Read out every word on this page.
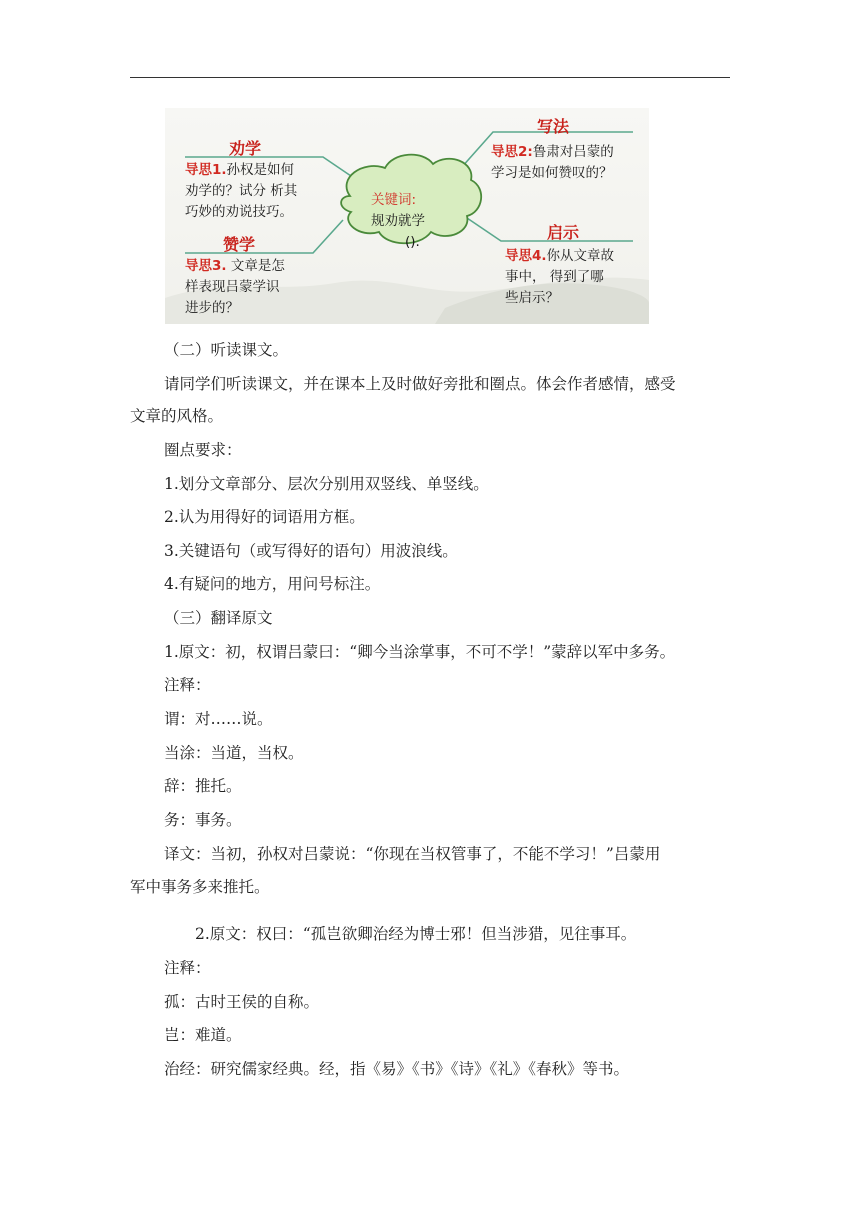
关键词:
规劝就学
().
劝学
导思1.孙权是如何
劝学的？试分 析其
巧妙的劝说技巧。
写法
导思2:鲁肃对吕蒙的
学习是如何赞叹的？
赞学
导思3. 文章是怎
样表现吕蒙学识
进步的？
启示
导思4.你从文章故
事中， 得到了哪
些启示？
（二）听读课文。
请同学们听读课文，并在课本上及时做好旁批和圈点。体会作者感情，感受
文章的风格。
圈点要求：
1.划分文章部分、层次分别用双竖线、单竖线。
2.认为用得好的词语用方框。
3.关键语句（或写得好的语句）用波浪线。
4.有疑问的地方，用问号标注。
（三）翻译原文
1.原文：初，权谓吕蒙曰：“卿今当涂掌事，不可不学！”蒙辞以军中多务。
注释：
谓：对……说。
当涂：当道，当权。
辞：推托。
务：事务。
译文：当初，孙权对吕蒙说：“你现在当权管事了，不能不学习！”吕蒙用
军中事务多来推托。
2.原文：权曰：“孤岂欲卿治经为博士邪！但当涉猎，见往事耳。
注释：
孤：古时王侯的自称。
岂：难道。
治经：研究儒家经典。经，指《易》《书》《诗》《礼》《春秋》等书。
